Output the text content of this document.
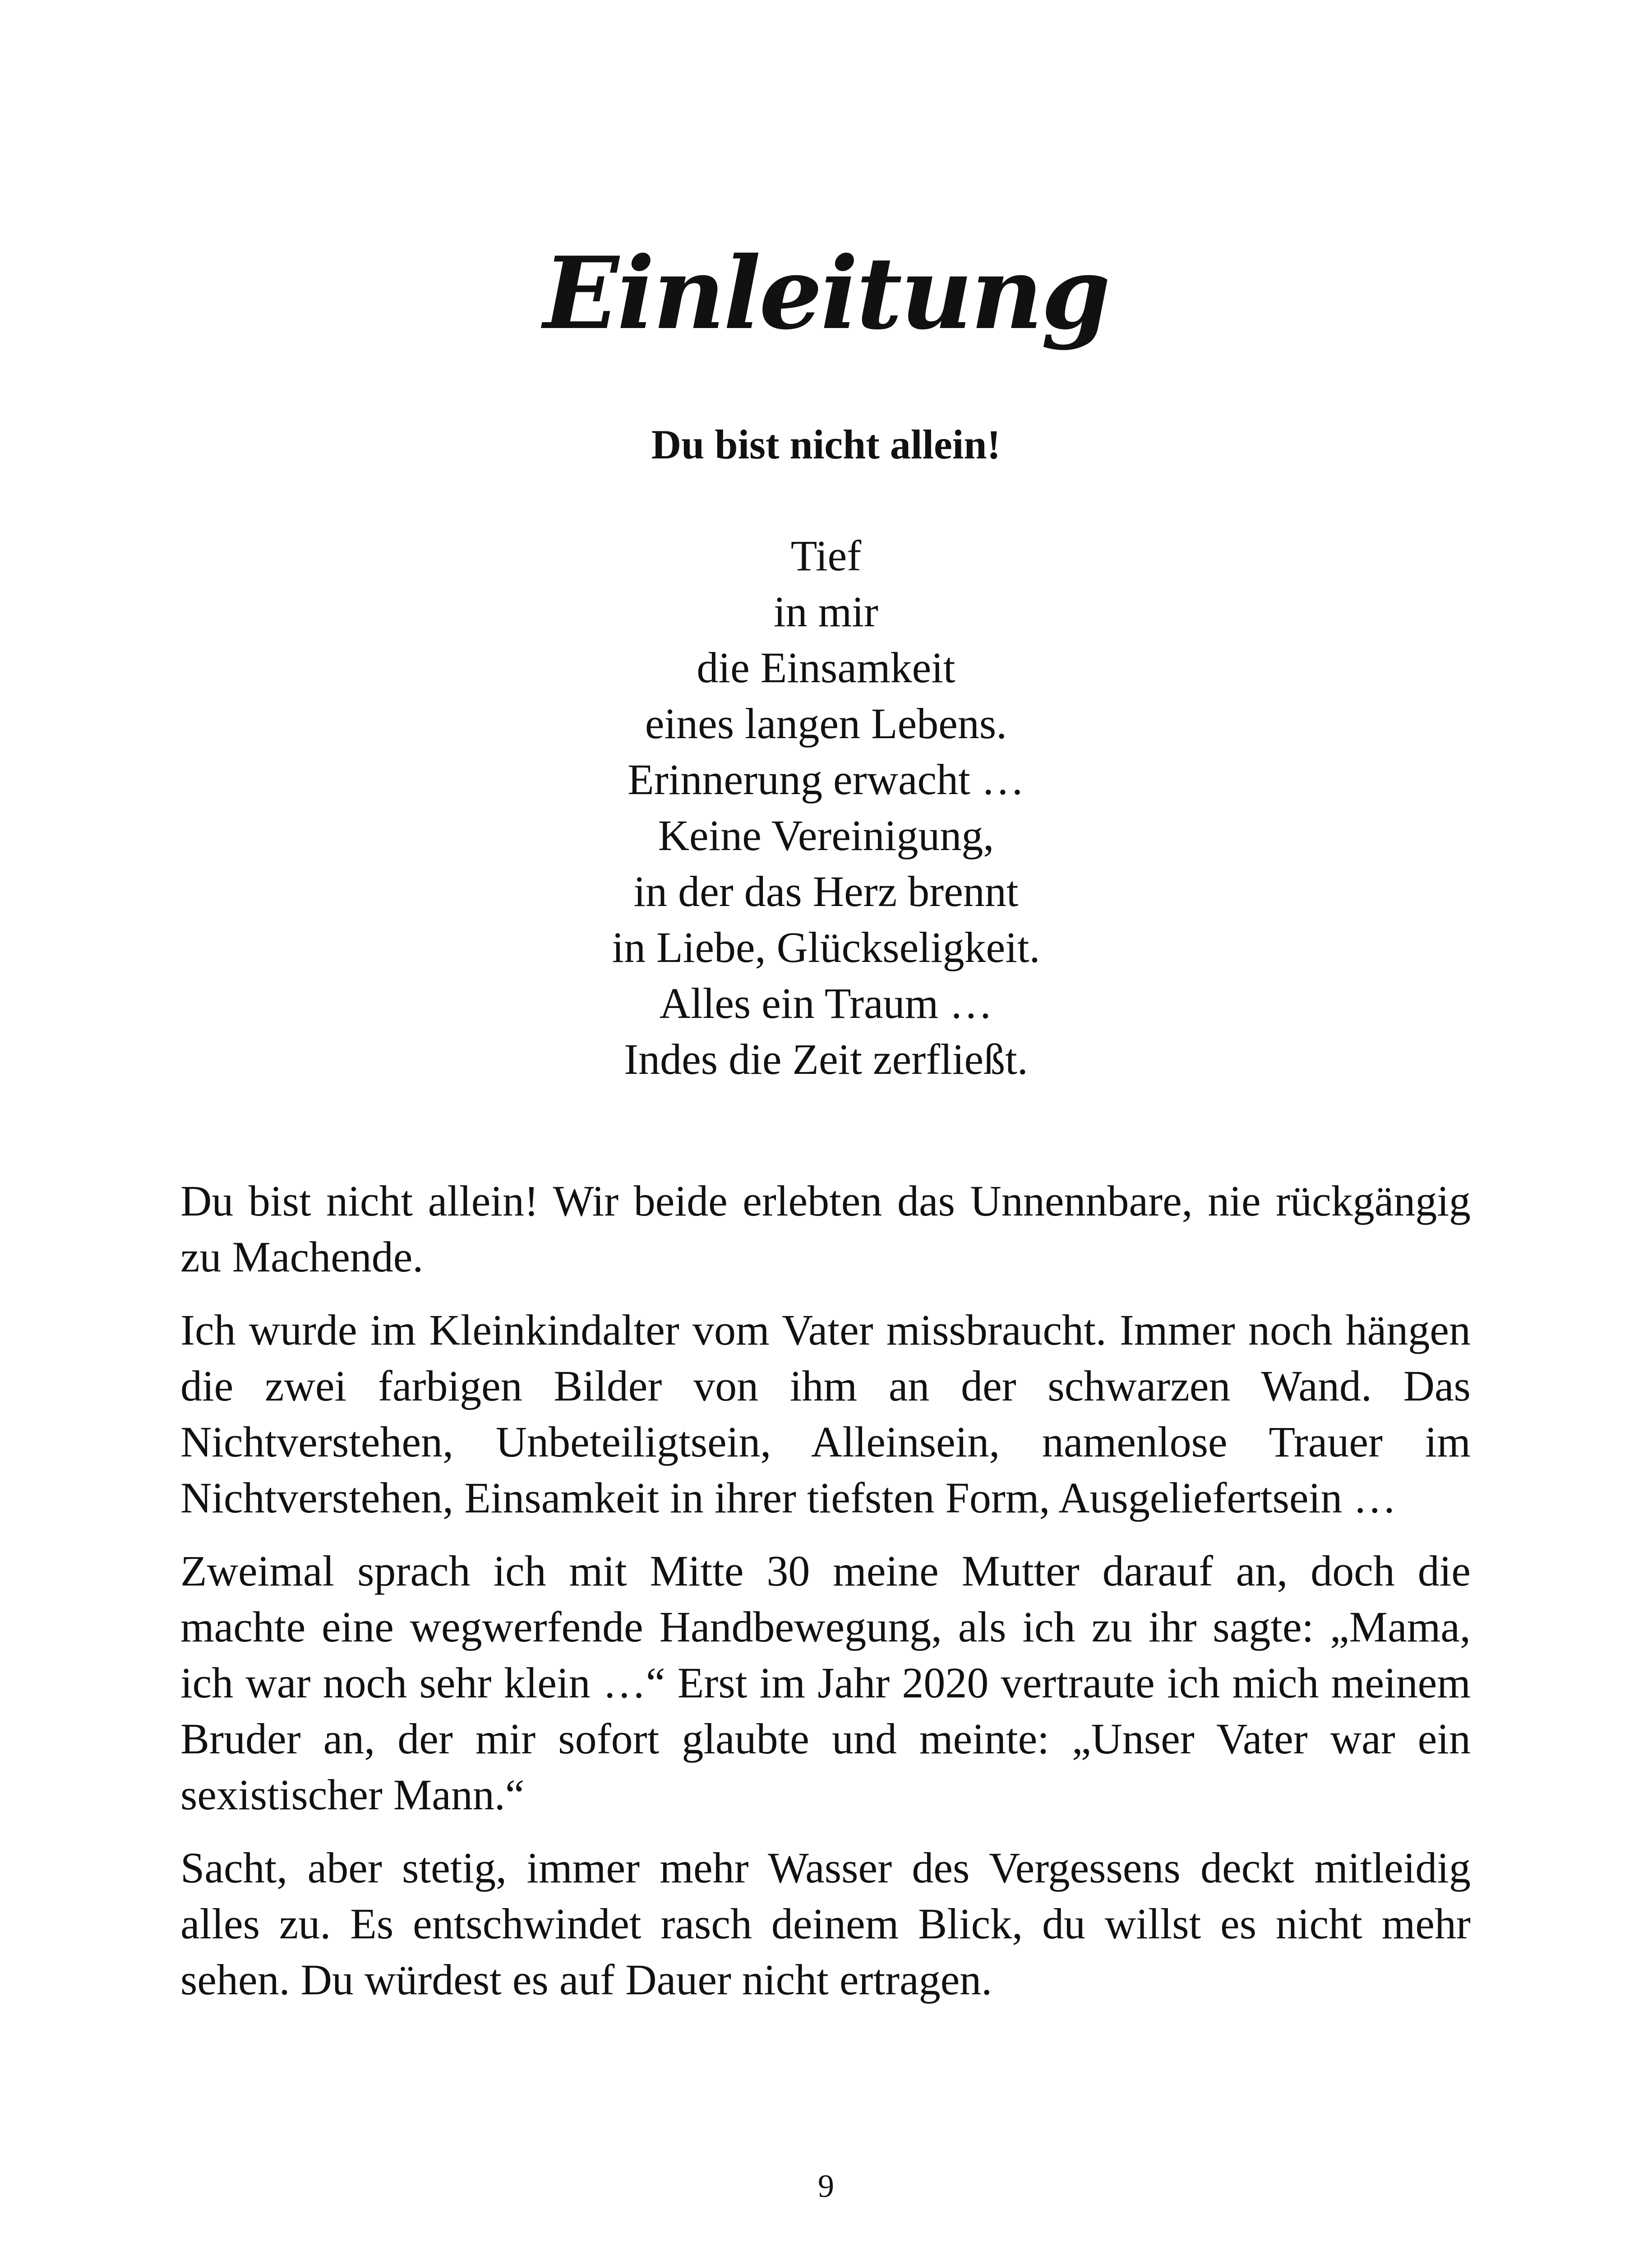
Einleitung
Du bist nicht allein!
Tief
in mir
die Einsamkeit
eines langen Lebens.
Erinnerung erwacht …
Keine Vereinigung,
in der das Herz brennt
in Liebe, Glückseligkeit.
Alles ein Traum …
Indes die Zeit zerfließt.

Du bist nicht allein! Wir beide erlebten das Unnennbare, nie rückgängig zu Machende.

Ich wurde im Kleinkindalter vom Vater missbraucht. Immer noch hängen die zwei farbigen Bilder von ihm an der schwarzen Wand. Das Nichtverstehen, Unbeteiligtsein, Alleinsein, namenlose Trauer im Nichtverstehen, Einsamkeit in ihrer tiefsten Form, Ausgeliefertsein …

Zweimal sprach ich mit Mitte 30 meine Mutter darauf an, doch die machte eine wegwerfende Handbewegung, als ich zu ihr sagte: „Mama, ich war noch sehr klein …“ Erst im Jahr 2020 vertraute ich mich meinem Bruder an, der mir sofort glaubte und meinte: „Unser Vater war ein sexistischer Mann.“

Sacht, aber stetig, immer mehr Wasser des Vergessens deckt mitleidig alles zu. Es entschwindet rasch deinem Blick, du willst es nicht mehr sehen. Du würdest es auf Dauer nicht ertragen.

9
